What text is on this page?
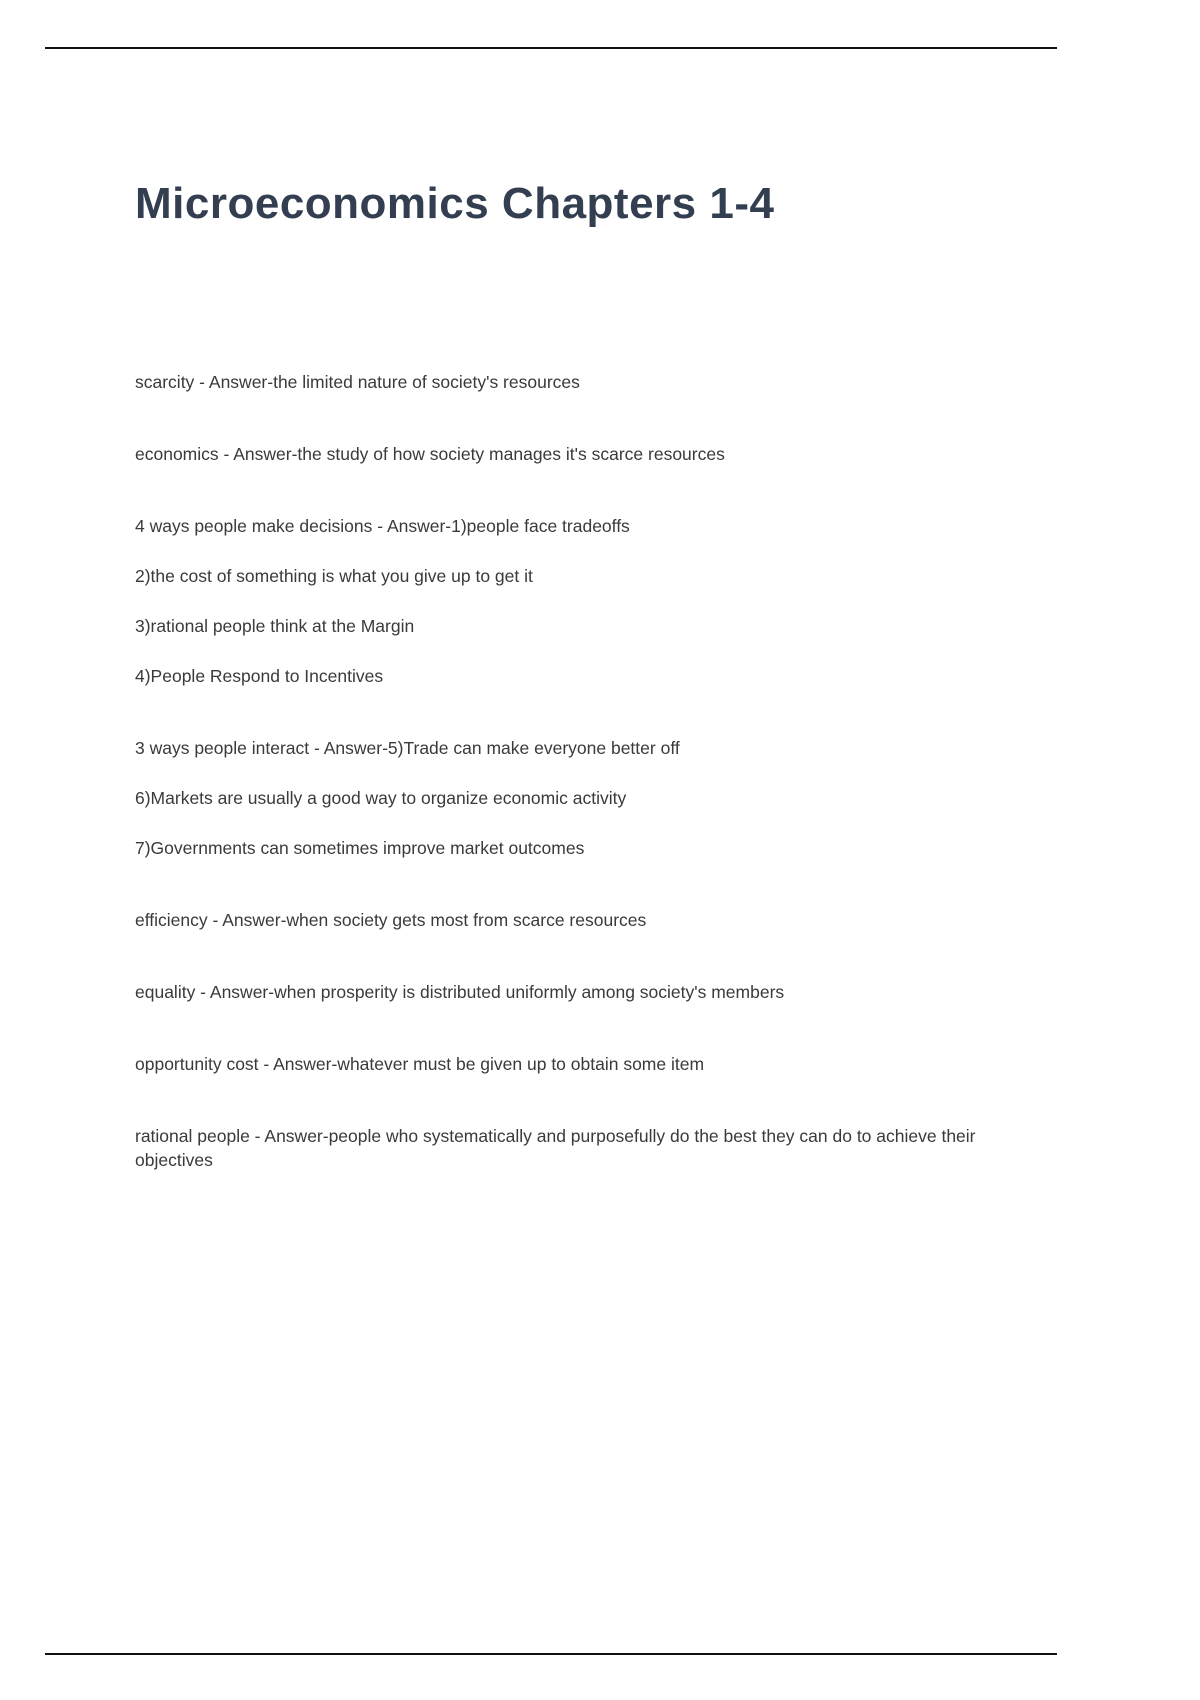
Microeconomics Chapters 1-4

scarcity - Answer-the limited nature of society's resources

economics - Answer-the study of how society manages it's scarce resources

4 ways people make decisions - Answer-1)people face tradeoffs

2)the cost of something is what you give up to get it

3)rational people think at the Margin

4)People Respond to Incentives

3 ways people interact - Answer-5)Trade can make everyone better off

6)Markets are usually a good way to organize economic activity

7)Governments can sometimes improve market outcomes

efficiency - Answer-when society gets most from scarce resources

equality - Answer-when prosperity is distributed uniformly among society's members

opportunity cost - Answer-whatever must be given up to obtain some item

rational people - Answer-people who systematically and purposefully do the best they can do to achieve their objectives
